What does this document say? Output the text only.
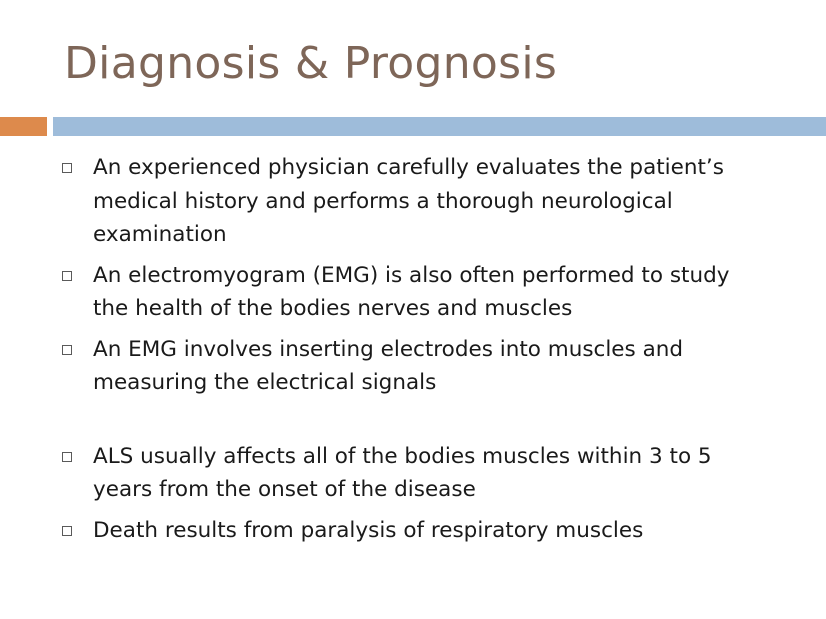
Diagnosis & Prognosis
An experienced physician carefully evaluates the patient’s medical history and performs a thorough neurological examination
An electromyogram (EMG) is also often performed to study the health of the bodies nerves and muscles
An EMG involves inserting electrodes into muscles and measuring the electrical signals
ALS usually affects all of the bodies muscles within 3 to 5 years from the onset of the disease
Death results from paralysis of respiratory muscles
